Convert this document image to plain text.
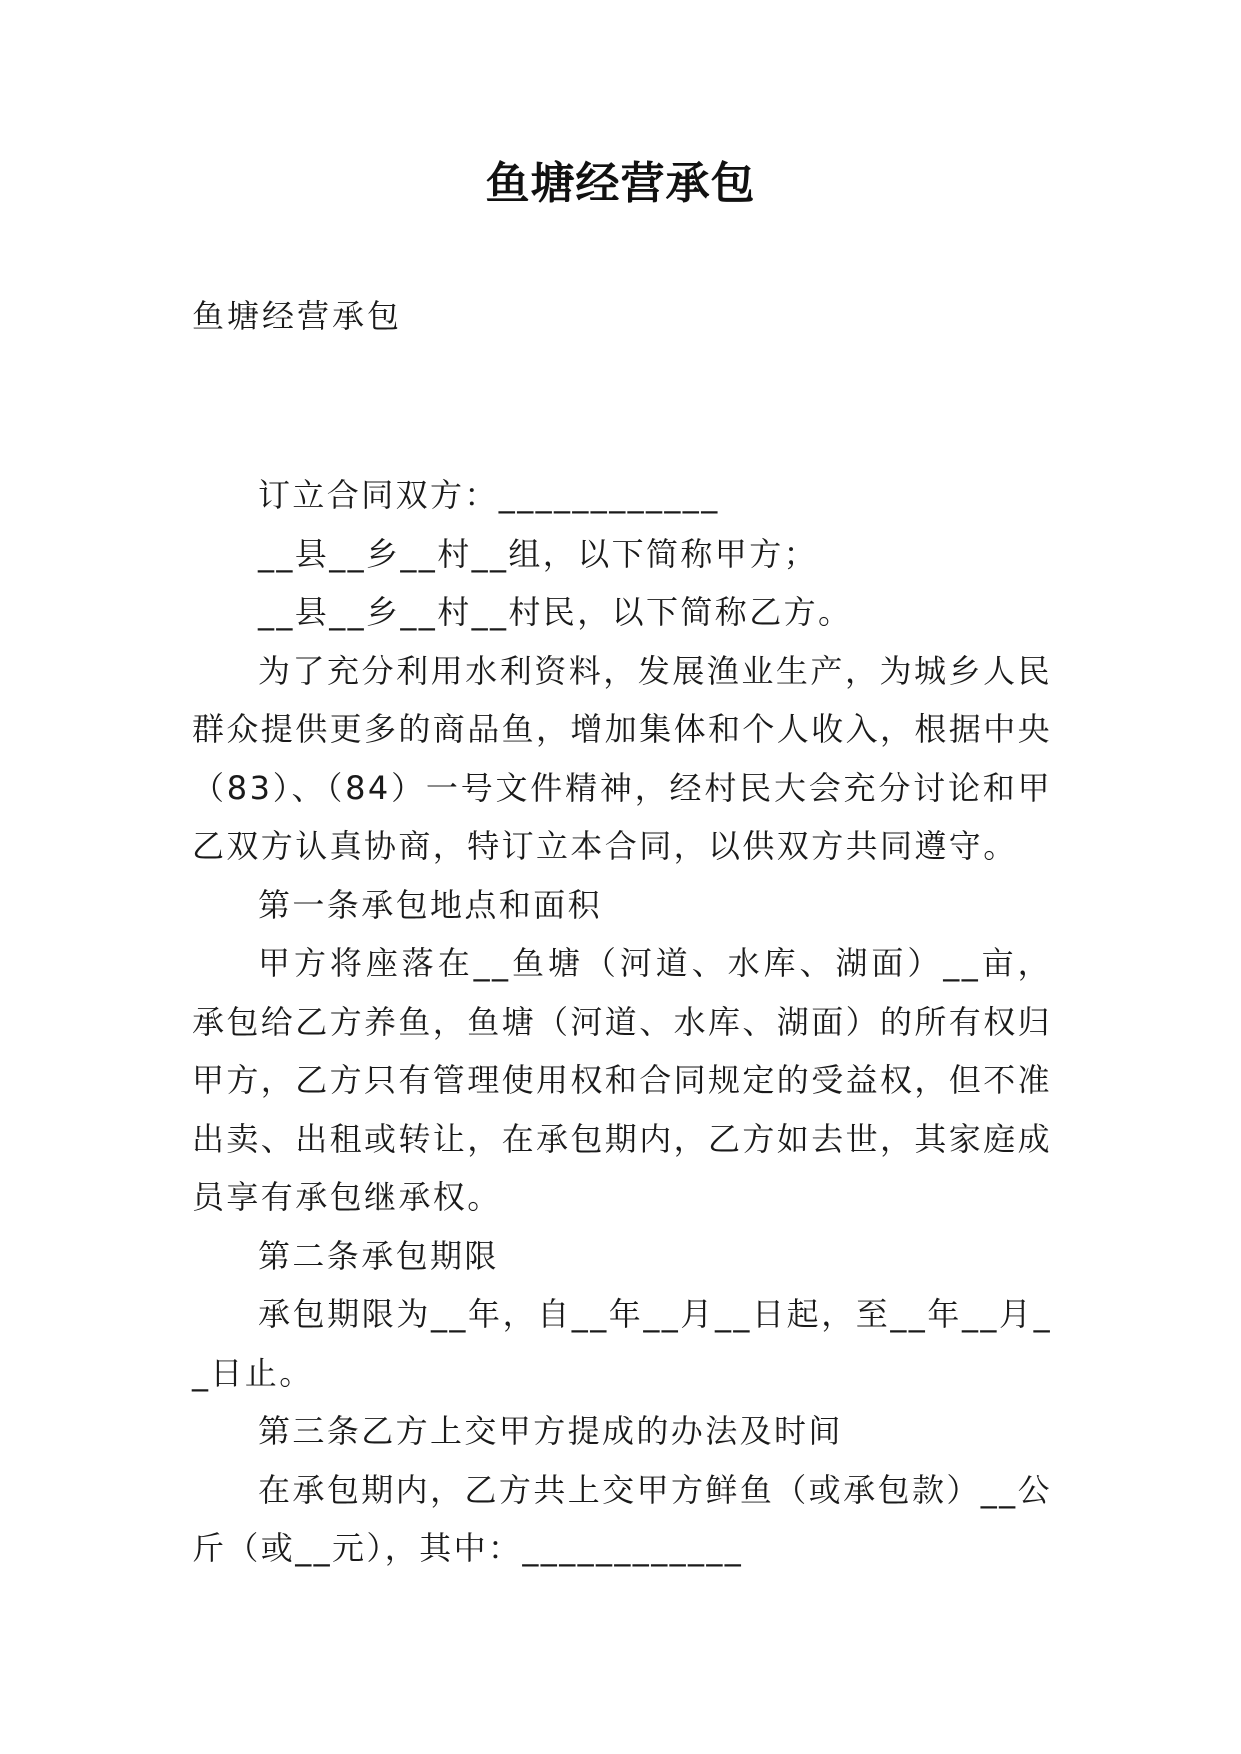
鱼塘经营承包

鱼塘经营承包

订立合同双方：____________

__县__乡__村__组，以下简称甲方；

__县__乡__村__村民，以下简称乙方。

为了充分利用水利资料，发展渔业生产，为城乡人民群众提供更多的商品鱼，增加集体和个人收入，根据中央（83）、（84）一号文件精神，经村民大会充分讨论和甲乙双方认真协商，特订立本合同，以供双方共同遵守。

第一条承包地点和面积

甲方将座落在__鱼塘（河道、水库、湖面）__亩，承包给乙方养鱼，鱼塘（河道、水库、湖面）的所有权归甲方，乙方只有管理使用权和合同规定的受益权，但不准出卖、出租或转让，在承包期内，乙方如去世，其家庭成员享有承包继承权。

第二条承包期限

承包期限为__年，自__年__月__日起，至__年__月__日止。

第三条乙方上交甲方提成的办法及时间

在承包期内，乙方共上交甲方鲜鱼（或承包款）__公斤（或__元），其中：____________
